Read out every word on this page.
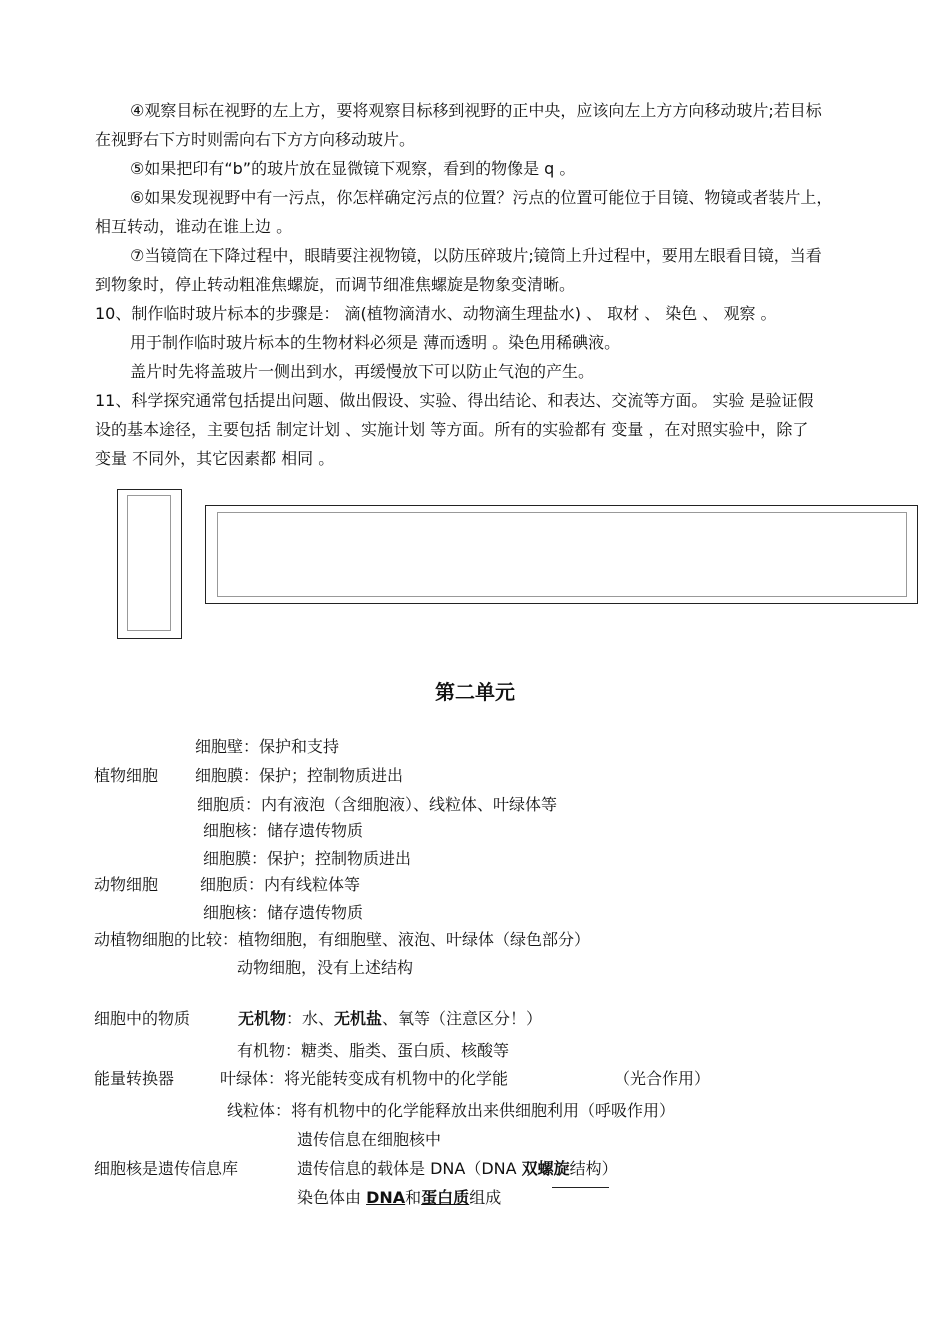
④观察目标在视野的左上方，要将观察目标移到视野的正中央，应该向左上方方向移动玻片;若目标
在视野右下方时则需向右下方方向移动玻片。
⑤如果把印有“b”的玻片放在显微镜下观察，看到的物像是 q 。
⑥如果发现视野中有一污点，你怎样确定污点的位置？污点的位置可能位于目镜、物镜或者装片上，
相互转动，谁动在谁上边 。
⑦当镜筒在下降过程中，眼睛要注视物镜，以防压碎玻片;镜筒上升过程中，要用左眼看目镜，当看
到物象时，停止转动粗准焦螺旋，而调节细准焦螺旋是物象变清晰。
10、制作临时玻片标本的步骤是： 滴(植物滴清水、动物滴生理盐水) 、 取材 、 染色 、 观察 。
用于制作临时玻片标本的生物材料必须是 薄而透明 。染色用稀碘液。
盖片时先将盖玻片一侧出到水，再缓慢放下可以防止气泡的产生。
11、科学探究通常包括提出问题、做出假设、实验、得出结论、和表达、交流等方面。 实验 是验证假
设的基本途径，主要包括 制定计划 、实施计划 等方面。所有的实验都有 变量 ，在对照实验中，除了
变量 不同外，其它因素都 相同 。
第二单元
细胞壁：保护和支持
植物细胞 细胞膜：保护；控制物质进出
细胞质：内有液泡（含细胞液）、线粒体、叶绿体等
细胞核：储存遗传物质
细胞膜：保护；控制物质进出
动物细胞	细胞质：内有线粒体等
细胞核：储存遗传物质
动植物细胞的比较：植物细胞，有细胞壁、液泡、叶绿体（绿色部分）
动物细胞，没有上述结构
细胞中的物质	无机物：水、无机盐、氧等（注意区分！）
有机物：糖类、脂类、蛋白质、核酸等
能量转换器	叶绿体：将光能转变成有机物中的化学能	（光合作用）
线粒体：将有机物中的化学能释放出来供细胞利用（呼吸作用）
遗传信息在细胞核中
细胞核是遗传信息库	遗传信息的载体是 DNA（DNA 双螺旋结构）
染色体由 DNA和蛋白质组成
